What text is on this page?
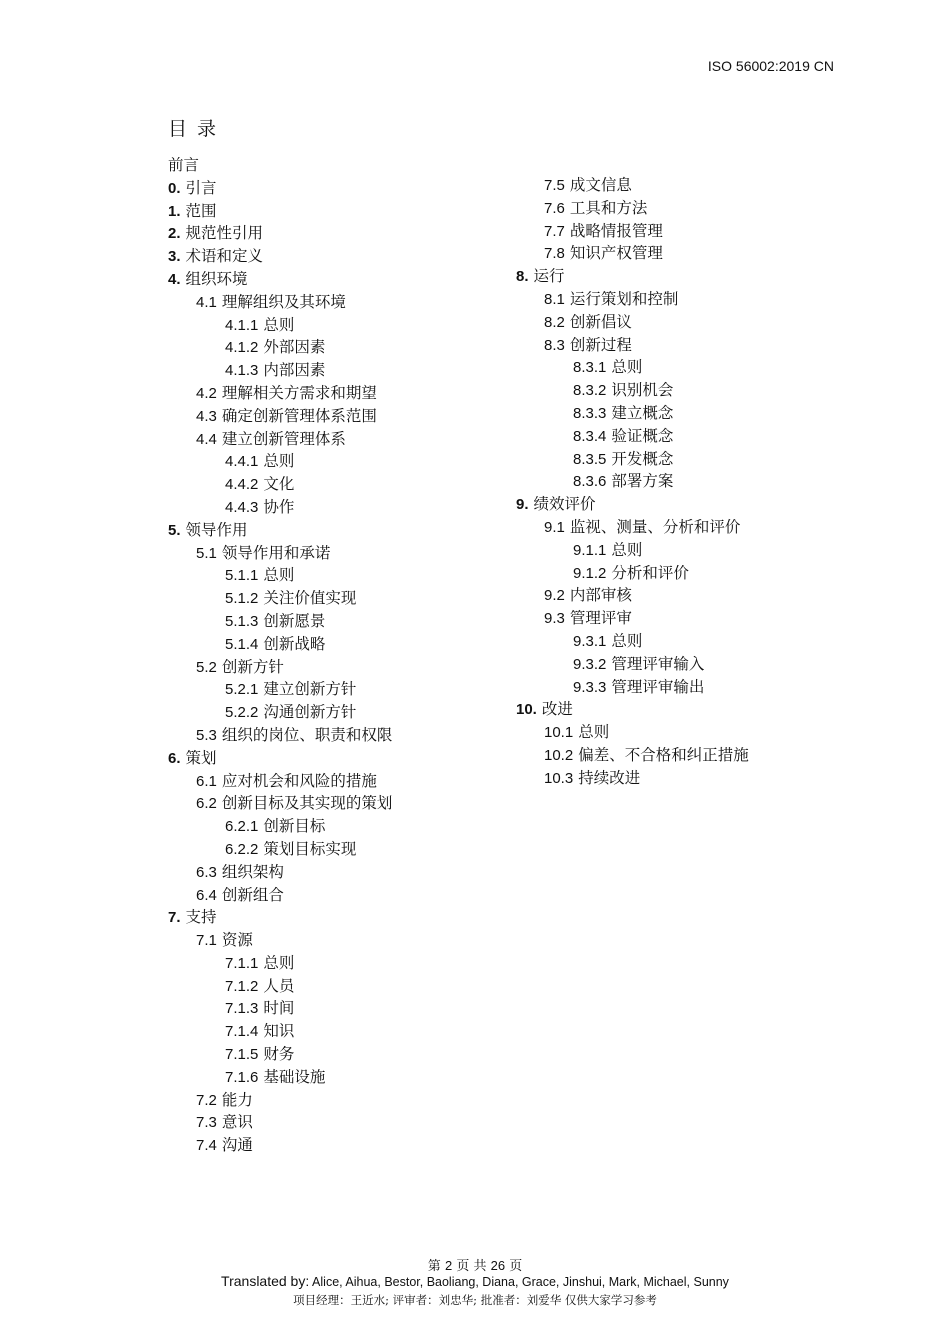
ISO 56002:2019 CN
目 录
前言
0. 引言
1. 范围
2. 规范性引用
3. 术语和定义
4. 组织环境
4.1 理解组织及其环境
4.1.1 总则
4.1.2 外部因素
4.1.3 内部因素
4.2 理解相关方需求和期望
4.3 确定创新管理体系范围
4.4 建立创新管理体系
4.4.1 总则
4.4.2 文化
4.4.3 协作
5. 领导作用
5.1 领导作用和承诺
5.1.1 总则
5.1.2 关注价值实现
5.1.3 创新愿景
5.1.4 创新战略
5.2 创新方针
5.2.1 建立创新方针
5.2.2 沟通创新方针
5.3 组织的岗位、职责和权限
6. 策划
6.1 应对机会和风险的措施
6.2 创新目标及其实现的策划
6.2.1 创新目标
6.2.2 策划目标实现
6.3 组织架构
6.4 创新组合
7. 支持
7.1 资源
7.1.1 总则
7.1.2 人员
7.1.3 时间
7.1.4 知识
7.1.5 财务
7.1.6 基础设施
7.2 能力
7.3 意识
7.4 沟通
7.5 成文信息
7.6 工具和方法
7.7 战略情报管理
7.8 知识产权管理
8. 运行
8.1 运行策划和控制
8.2 创新倡议
8.3 创新过程
8.3.1 总则
8.3.2 识别机会
8.3.3 建立概念
8.3.4 验证概念
8.3.5 开发概念
8.3.6 部署方案
9. 绩效评价
9.1 监视、测量、分析和评价
9.1.1 总则
9.1.2 分析和评价
9.2 内部审核
9.3 管理评审
9.3.1 总则
9.3.2 管理评审输入
9.3.3 管理评审输出
10. 改进
10.1 总则
10.2 偏差、不合格和纠正措施
10.3 持续改进
第 2 页 共 26 页
Translated by: Alice, Aihua, Bestor, Baoliang, Diana, Grace, Jinshui, Mark, Michael, Sunny
项目经理：王近水; 评审者：刘忠华; 批准者：刘爱华 仅供大家学习参考
